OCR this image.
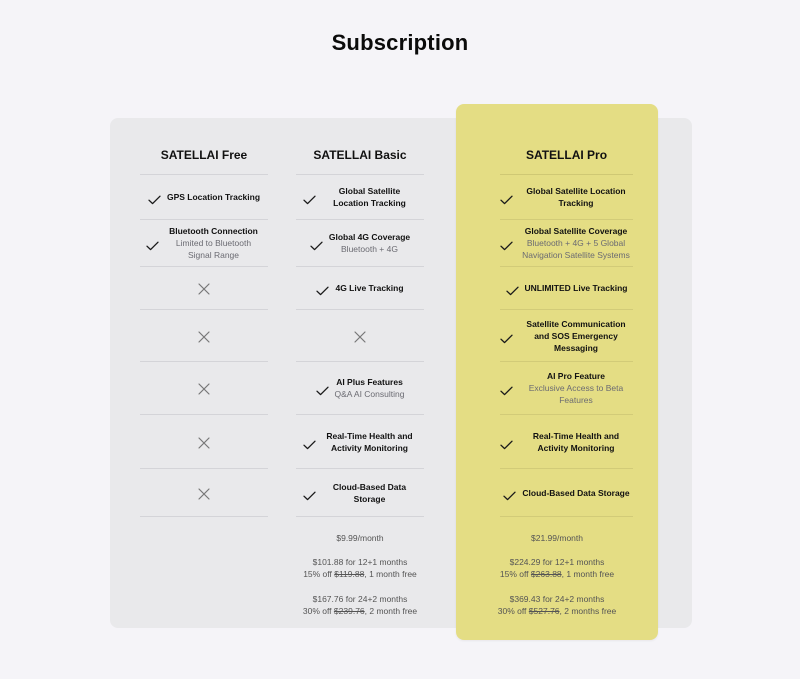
Subscription
SATELLAI Free
GPS Location Tracking
Bluetooth Connection
Limited to Bluetooth Signal Range
SATELLAI Basic
Global Satellite Location Tracking
Global 4G Coverage
Bluetooth + 4G
4G Live Tracking
AI Plus Features
Q&A AI Consulting
Real-Time Health and Activity Monitoring
Cloud-Based Data Storage
SATELLAI Pro
Global Satellite Location Tracking
Global Satellite Coverage
Bluetooth + 4G + 5 Global Navigation Satellite Systems
UNLIMITED Live Tracking
Satellite Communication and SOS Emergency Messaging
AI Pro Feature
Exclusive Access to Beta Features
Real-Time Health and Activity Monitoring
Cloud-Based Data Storage
$9.99/month
$101.88 for 12+1 months
15% off $119.88, 1 month free
$167.76 for 24+2 months
30% off $239.76, 2 month free
$21.99/month
$224.29 for 12+1 months
15% off $263.88, 1 month free
$369.43 for 24+2 months
30% off $527.76, 2 months free
